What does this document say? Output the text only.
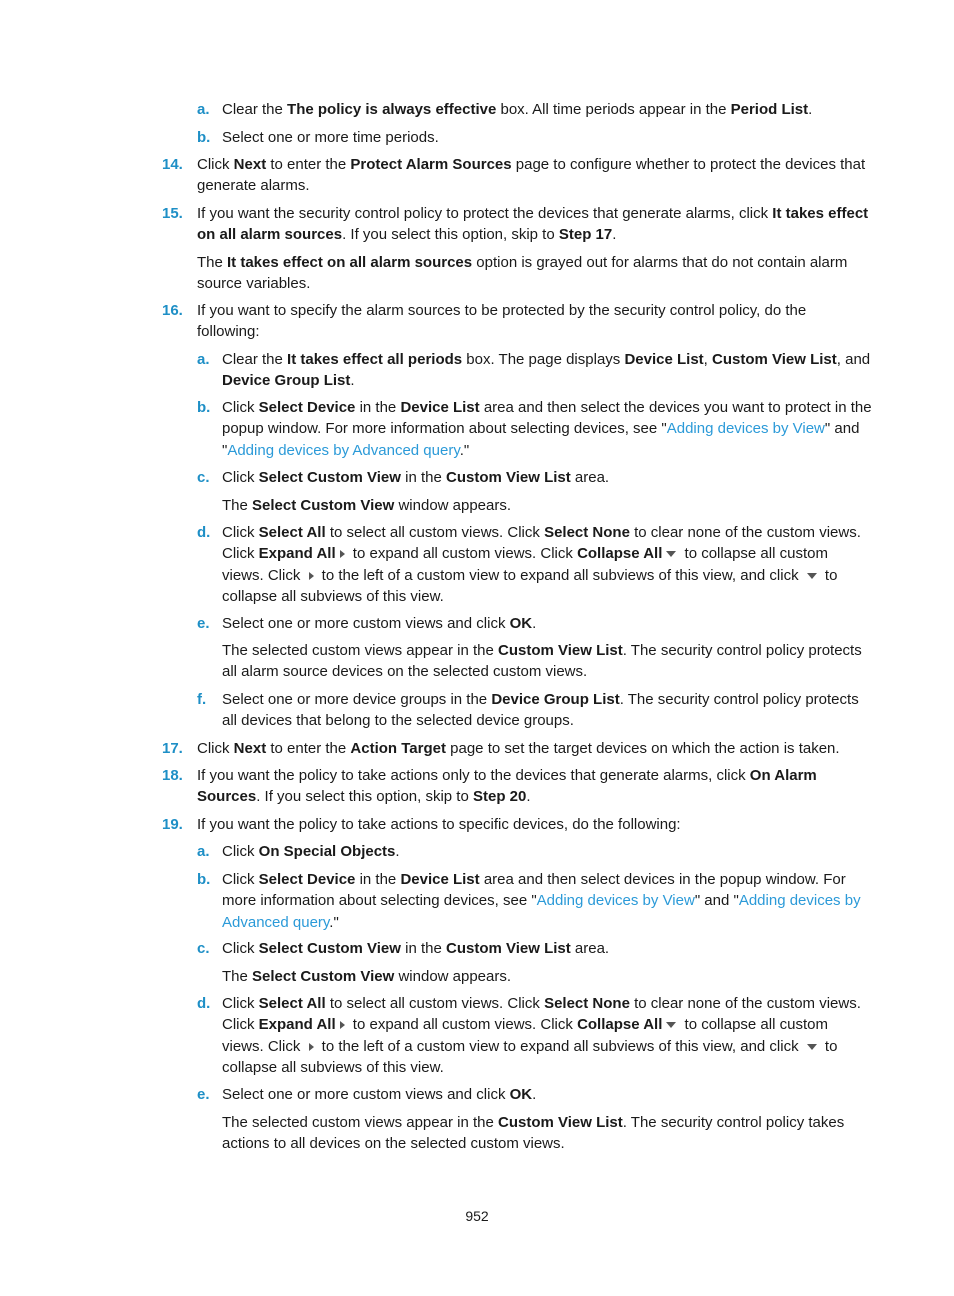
a. Clear the The policy is always effective box. All time periods appear in the Period List.
b. Select one or more time periods.
14. Click Next to enter the Protect Alarm Sources page to configure whether to protect the devices that generate alarms.
15. If you want the security control policy to protect the devices that generate alarms, click It takes effect on all alarm sources. If you select this option, skip to Step 17.
The It takes effect on all alarm sources option is grayed out for alarms that do not contain alarm source variables.
16. If you want to specify the alarm sources to be protected by the security control policy, do the following:
a. Clear the It takes effect all periods box. The page displays Device List, Custom View List, and Device Group List.
b. Click Select Device in the Device List area and then select the devices you want to protect in the popup window. For more information about selecting devices, see "Adding devices by View" and "Adding devices by Advanced query."
c. Click Select Custom View in the Custom View List area.
The Select Custom View window appears.
d. Click Select All to select all custom views. Click Select None to clear none of the custom views. Click Expand All to expand all custom views. Click Collapse All to collapse all custom views. Click  to the left of a custom view to expand all subviews of this view, and click  to collapse all subviews of this view.
e. Select one or more custom views and click OK.
The selected custom views appear in the Custom View List. The security control policy protects all alarm source devices on the selected custom views.
f. Select one or more device groups in the Device Group List. The security control policy protects all devices that belong to the selected device groups.
17. Click Next to enter the Action Target page to set the target devices on which the action is taken.
18. If you want the policy to take actions only to the devices that generate alarms, click On Alarm Sources. If you select this option, skip to Step 20.
19. If you want the policy to take actions to specific devices, do the following:
a. Click On Special Objects.
b. Click Select Device in the Device List area and then select devices in the popup window. For more information about selecting devices, see "Adding devices by View" and "Adding devices by Advanced query."
c. Click Select Custom View in the Custom View List area.
The Select Custom View window appears.
d. Click Select All to select all custom views. Click Select None to clear none of the custom views. Click Expand All to expand all custom views. Click Collapse All to collapse all custom views. Click  to the left of a custom view to expand all subviews of this view, and click  to collapse all subviews of this view.
e. Select one or more custom views and click OK.
The selected custom views appear in the Custom View List. The security control policy takes actions to all devices on the selected custom views.
952
